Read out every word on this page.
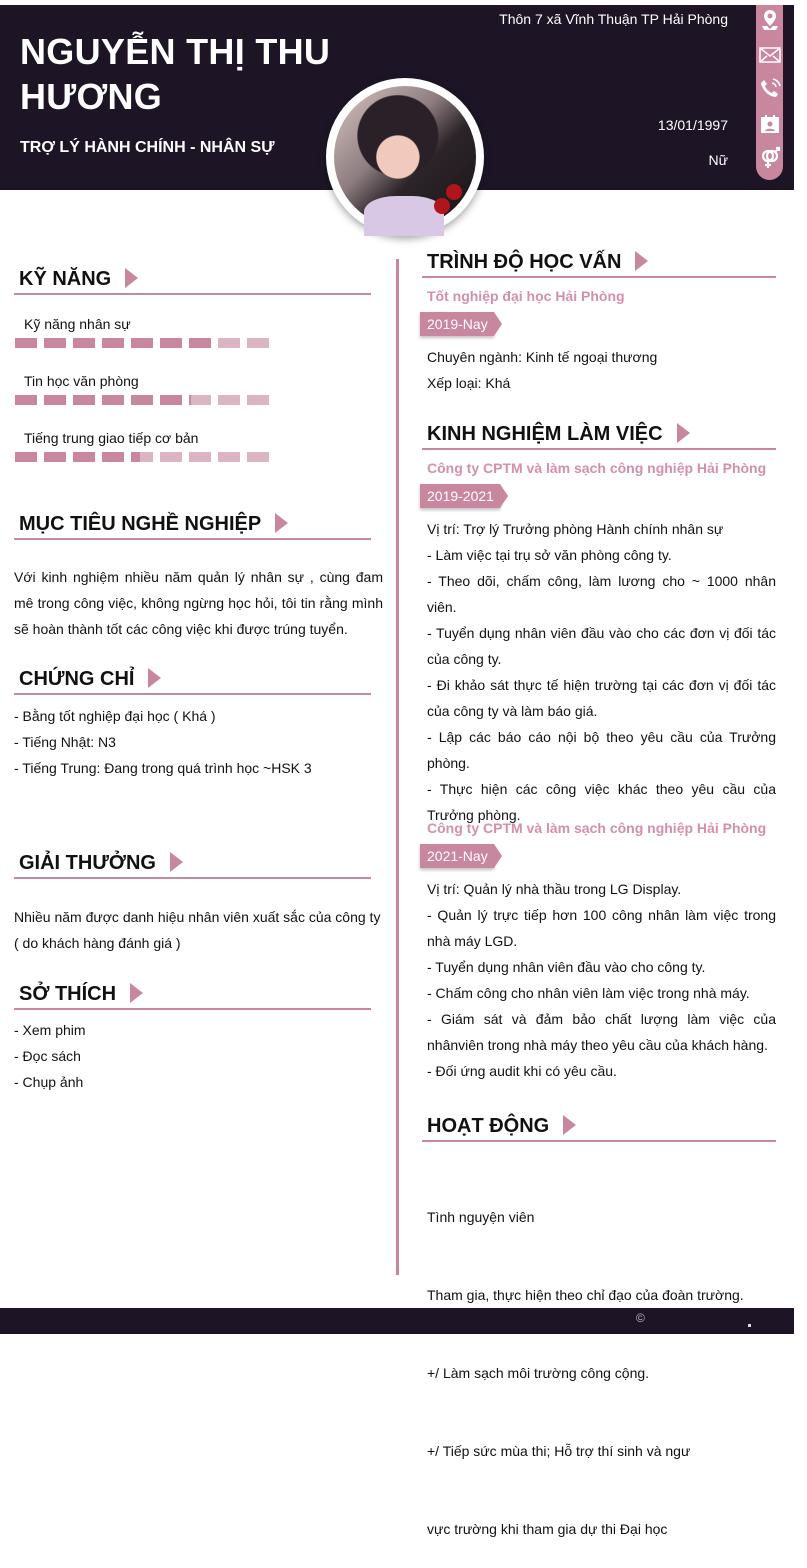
NGUYỄN THỊ THU HƯƠNG
TRỢ LÝ HÀNH CHÍNH - NHÂN SỰ
Thôn 7 xã Vĩnh Thuận TP Hải Phòng
13/01/1997
Nữ
KỸ NĂNG
Kỹ năng nhân sự
Tin học văn phòng
Tiếng trung giao tiếp cơ bản
MỤC TIÊU NGHỀ NGHIỆP
Với kinh nghiệm nhiều năm quản lý nhân sự , cùng đam mê trong công việc, không ngừng học hỏi, tôi tin rằng mình sẽ hoàn thành tốt các công việc khi được trúng tuyển.
CHỨNG CHỈ
- Bằng tốt nghiệp đại học ( Khá )
- Tiếng Nhật: N3
- Tiếng Trung: Đang trong quá trình học ~HSK 3
GIẢI THƯỞNG
Nhiều năm được danh hiệu nhân viên xuất sắc của công ty ( do khách hàng đánh giá )
SỞ THÍCH
- Xem phim
- Đọc sách
- Chụp ảnh
TRÌNH ĐỘ HỌC VẤN
Tốt nghiệp đại học Hải Phòng
2019-Nay
Chuyên ngành: Kinh tế ngoại thương
Xếp loại: Khá
KINH NGHIỆM LÀM VIỆC
Công ty CPTM và làm sạch công nghiệp Hải Phòng
2019-2021
Vị trí: Trợ lý Trưởng phòng Hành chính nhân sự
- Làm việc tại trụ sở văn phòng công ty.
- Theo dõi, chấm công, làm lương cho ~ 1000 nhân viên.
- Tuyển dụng nhân viên đầu vào cho các đơn vị đối tác của công ty.
- Đi khảo sát thực tế hiện trường tại các đơn vị đối tác của công ty và làm báo giá.
- Lập các báo cáo nội bộ theo yêu cầu của Trưởng phòng.
- Thực hiện các công việc khác theo yêu cầu của Trưởng phòng.
Công ty CPTM và làm sạch công nghiệp Hải Phòng
2021-Nay
Vị trí: Quản lý nhà thầu trong LG Display.
- Quản lý trực tiếp hơn 100 công nhân làm việc trong nhà máy LGD.
- Tuyển dụng nhân viên đầu vào cho công ty.
- Chấm công cho nhân viên làm việc trong nhà máy.
- Giám sát và đảm bảo chất lượng làm việc của nhânviên trong nhà máy theo yêu cầu của khách hàng.
- Đối ứng audit khi có yêu cầu.
HOẠT ĐỘNG

Tình nguyện viên

Tham gia, thực hiện theo chỉ đạo của đoàn trường.

+/ Làm sạch môi trường công cộng.

+/ Tiếp sức mùa thi; Hỗ trợ thí sinh và ngư

vực trường khi tham gia dự thi Đại học

©
